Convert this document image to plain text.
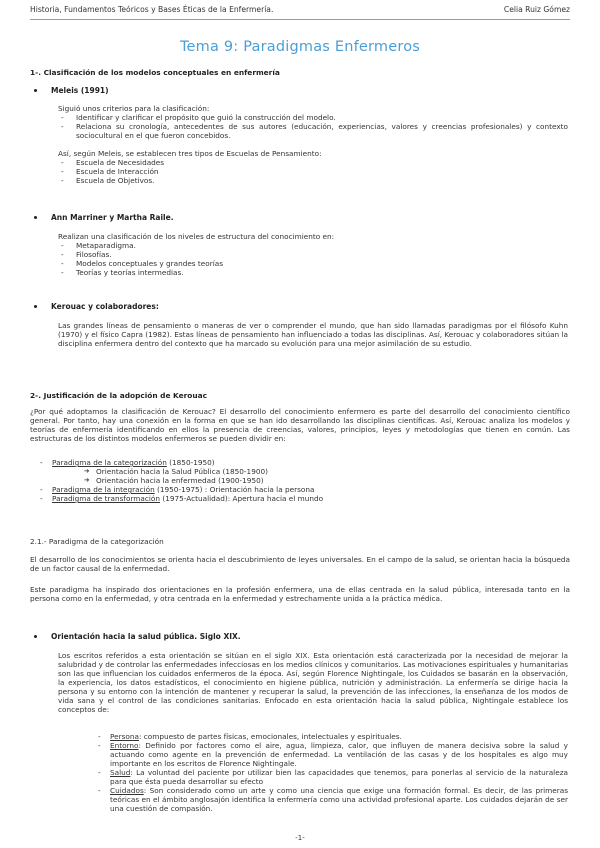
Historia, Fundamentos Teóricos y Bases Éticas de la Enfermería.	Celia Ruiz Gómez
Tema 9: Paradigmas Enfermeros
1-. Clasificación de los modelos conceptuales en enfermería
Meleis (1991)
Siguió unos criterios para la clasificación:
- Identificar y clarificar el propósito que guió la construcción del modelo.
- Relaciona su cronología, antecedentes de sus autores (educación, experiencias, valores y creencias profesionales) y contexto sociocultural en el que fueron concebidos.
Así, según Meleis, se establecen tres tipos de Escuelas de Pensamiento:
- Escuela de Necesidades
- Escuela de Interacción
- Escuela de Objetivos.
Ann Marriner y Martha Raile.
Realizan una clasificación de los niveles de estructura del conocimiento en:
- Metaparadigma.
- Filosofías.
- Modelos conceptuales y grandes teorías
- Teorías y teorías intermedias.
Kerouac y colaboradores:
Las grandes líneas de pensamiento o maneras de ver o comprender el mundo, que han sido llamadas paradigmas por el filósofo Kuhn (1970) y el físico Capra (1982). Estas líneas de pensamiento han influenciado a todas las disciplinas. Así, Kerouac y colaboradores sitúan la disciplina enfermera dentro del contexto que ha marcado su evolución para una mejor asimilación de su estudio.
2-. Justificación de la adopción de Kerouac
¿Por qué adoptamos la clasificación de Kerouac? El desarrollo del conocimiento enfermero es parte del desarrollo del conocimiento científico general. Por tanto, hay una conexión en la forma en que se han ido desarrollando las disciplinas científicas. Así, Kerouac analiza los modelos y teorías de enfermería identificando en ellos la presencia de creencias, valores, principios, leyes y metodologías que tienen en común. Las estructuras de los distintos modelos enfermeros se pueden dividir en:
- Paradigma de la categorización (1850-1950)
➔ Orientación hacia la Salud Pública (1850-1900)
➔ Orientación hacia la enfermedad (1900-1950)
- Paradigma de la integración (1950-1975) : Orientación hacia la persona
- Paradigma de transformación (1975-Actualidad): Apertura hacia el mundo
2.1.- Paradigma de la categorización
El desarrollo de los conocimientos se orienta hacia el descubrimiento de leyes universales. En el campo de la salud, se orientan hacia la búsqueda de un factor causal de la enfermedad.
Este paradigma ha inspirado dos orientaciones en la profesión enfermera, una de ellas centrada en la salud pública, interesada tanto en la persona como en la enfermedad, y otra centrada en la enfermedad y estrechamente unida a la práctica médica.
Orientación hacia la salud pública. Siglo XIX.
Los escritos referidos a esta orientación se sitúan en el siglo XIX. Esta orientación está caracterizada por la necesidad de mejorar la salubridad y de controlar las enfermedades infecciosas en los medios clínicos y comunitarios. Las motivaciones espirituales y humanitarias son las que influencian los cuidados enfermeros de la época. Así, según Florence Nightingale, los Cuidados se basarán en la observación, la experiencia, los datos estadísticos, el conocimiento en higiene pública, nutrición y administración. La enfermería se dirige hacia la persona y su entorno con la intención de mantener y recuperar la salud, la prevención de las infecciones, la enseñanza de los modos de vida sana y el control de las condiciones sanitarias. Enfocado en esta orientación hacia la salud pública, Nightingale establece los conceptos de:
- Persona: compuesto de partes físicas, emocionales, intelectuales y espirituales.
- Entorno: Definido por factores como el aire, agua, limpieza, calor, que influyen de manera decisiva sobre la salud y actuando como agente en la prevención de enfermedad. La ventilación de las casas y de los hospitales es algo muy importante en los escritos de Florence Nightingale.
- Salud: La voluntad del paciente por utilizar bien las capacidades que tenemos, para ponerlas al servicio de la naturaleza para que ésta pueda desarrollar su efecto
- Cuidados: Son considerado como un arte y como una ciencia que exige una formación formal. Es decir, de las primeras teóricas en el ámbito anglosajón identifica la enfermería como una actividad profesional aparte. Los cuidados dejarán de ser una cuestión de compasión.
-1-
